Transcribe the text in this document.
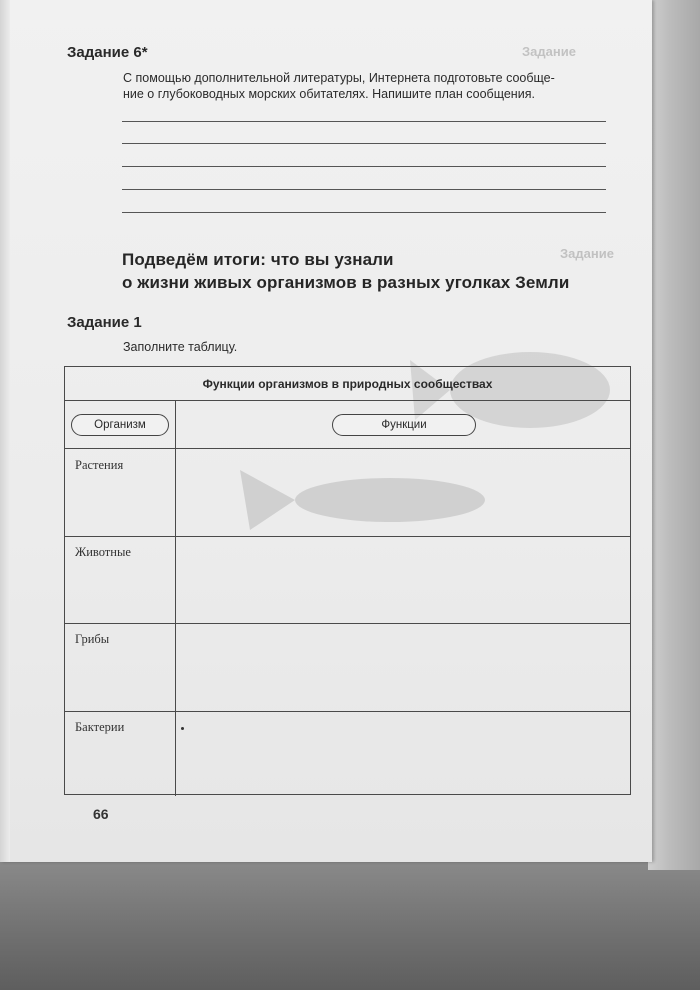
Задание
Задание
Задание 6*
С помощью дополнительной литературы, Интернета подготовьте сообще-
ние о глубоководных морских обитателях. Напишите план сообщения.
Подведём итоги: что вы узнали
о жизни живых организмов в разных уголках Земли
Задание 1
Заполните таблицу.
Функции организмов в природных сообществах
Организм	Функции
Растения
Животные
Грибы
Бактерии
66
